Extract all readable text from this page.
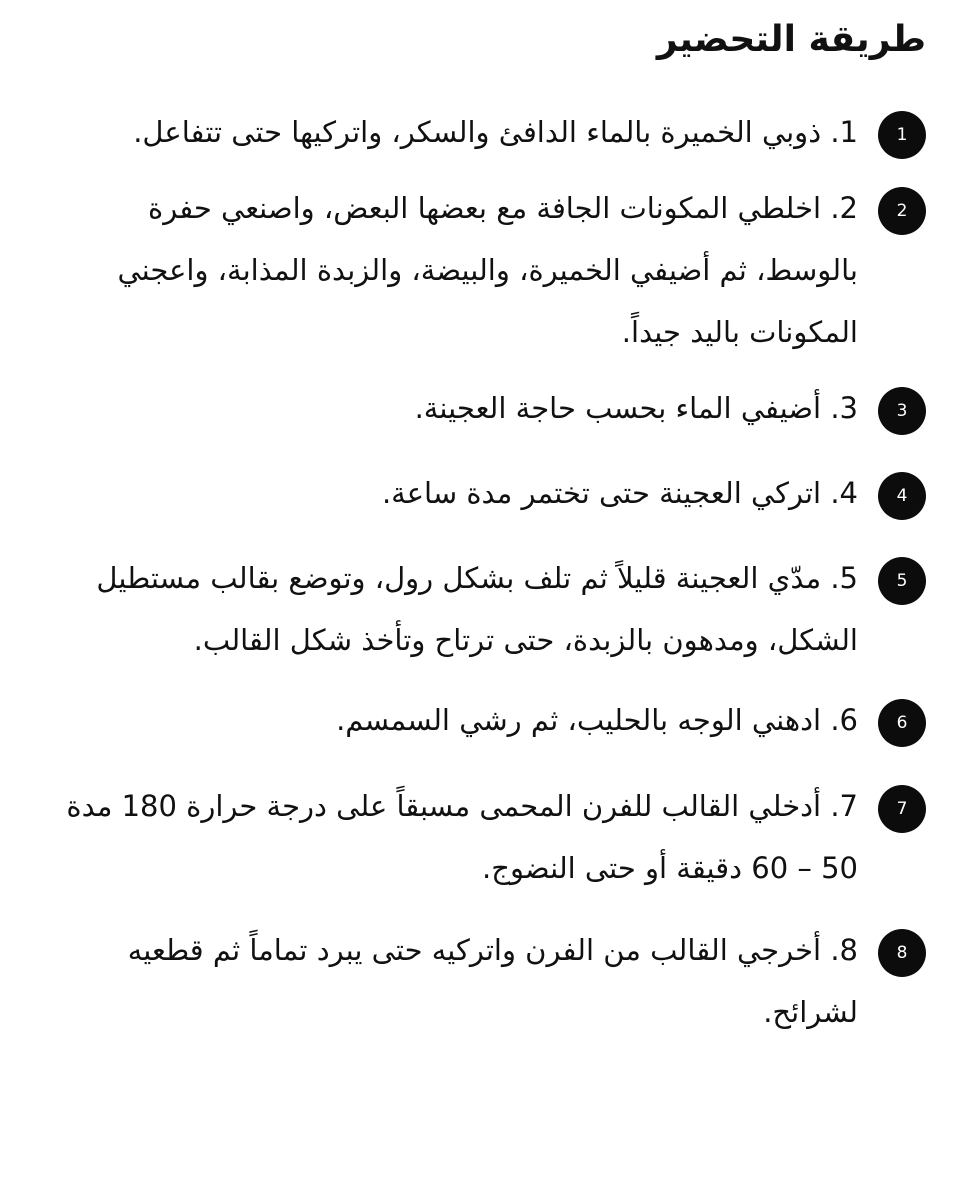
طريقة التحضير
1
1. ذوبي الخميرة بالماء الدافئ والسكر، واتركيها حتى تتفاعل.
2
2. اخلطي المكونات الجافة مع بعضها البعض، واصنعي حفرة بالوسط، ثم أضيفي الخميرة، والبيضة، والزبدة المذابة، واعجني المكونات باليد جيداً.
3
3. أضيفي الماء بحسب حاجة العجينة.
4
4. اتركي العجينة حتى تختمر مدة ساعة.
5
5. مدّي العجينة قليلاً ثم تلف بشكل رول، وتوضع بقالب مستطيل الشكل، ومدهون بالزبدة، حتى ترتاح وتأخذ شكل القالب.
6
6. ادهني الوجه بالحليب، ثم رشي السمسم.
7
7. أدخلي القالب للفرن المحمى مسبقاً على درجة حرارة 180 مدة 50 – 60 دقيقة أو حتى النضوج.
8
8. أخرجي القالب من الفرن واتركيه حتى يبرد تماماً ثم قطعيه لشرائح.
